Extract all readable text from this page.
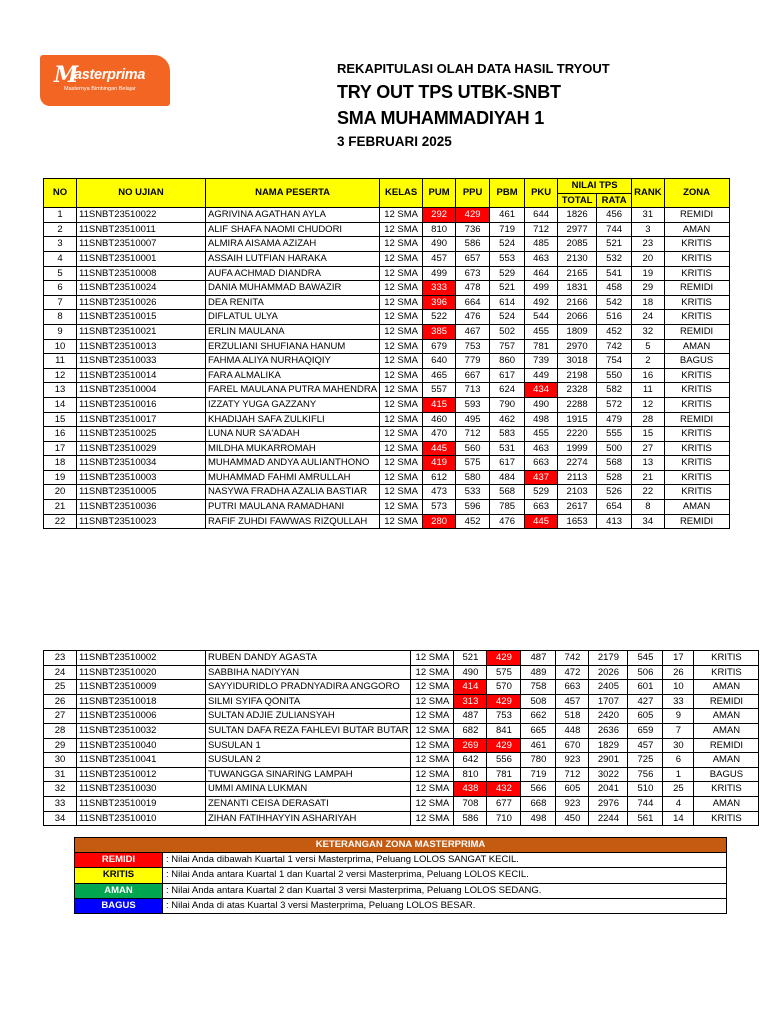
M
asterprima
Masternya Bimbingan Belajar
REKAPITULASI OLAH DATA HASIL TRYOUT
TRY OUT TPS UTBK-SNBT
SMA MUHAMMADIYAH 1
3 FEBRUARI 2025
NO	NO UJIAN	NAMA PESERTA	KELAS	PUM	PPU	PBM	PKU	NILAI TPS		RANK	ZONA
								TOTAL	RATA		
1	11SNBT23510022	AGRIVINA AGATHAN AYLA	12 SMA	292	429	461	644	1826	456	31	REMIDI
2	11SNBT23510011	ALIF SHAFA NAOMI CHUDORI	12 SMA	810	736	719	712	2977	744	3	AMAN
3	11SNBT23510007	ALMIRA AISAMA AZIZAH	12 SMA	490	586	524	485	2085	521	23	KRITIS
4	11SNBT23510001	ASSAIH LUTFIAN HARAKA	12 SMA	457	657	553	463	2130	532	20	KRITIS
5	11SNBT23510008	AUFA ACHMAD DIANDRA	12 SMA	499	673	529	464	2165	541	19	KRITIS
6	11SNBT23510024	DANIA MUHAMMAD BAWAZIR	12 SMA	333	478	521	499	1831	458	29	REMIDI
7	11SNBT23510026	DEA RENITA	12 SMA	396	664	614	492	2166	542	18	KRITIS
8	11SNBT23510015	DIFLATUL ULYA	12 SMA	522	476	524	544	2066	516	24	KRITIS
9	11SNBT23510021	ERLIN MAULANA	12 SMA	385	467	502	455	1809	452	32	REMIDI
10	11SNBT23510013	ERZULIANI SHUFIANA HANUM	12 SMA	679	753	757	781	2970	742	5	AMAN
11	11SNBT23510033	FAHMA ALIYA NURHAQIQIY	12 SMA	640	779	860	739	3018	754	2	BAGUS
12	11SNBT23510014	FARA ALMALIKA	12 SMA	465	667	617	449	2198	550	16	KRITIS
13	11SNBT23510004	FAREL MAULANA PUTRA MAHENDRA	12 SMA	557	713	624	434	2328	582	11	KRITIS
14	11SNBT23510016	IZZATY YUGA GAZZANY	12 SMA	415	593	790	490	2288	572	12	KRITIS
15	11SNBT23510017	KHADIJAH SAFA ZULKIFLI	12 SMA	460	495	462	498	1915	479	28	REMIDI
16	11SNBT23510025	LUNA NUR SA'ADAH	12 SMA	470	712	583	455	2220	555	15	KRITIS
17	11SNBT23510029	MILDHA MUKARROMAH	12 SMA	445	560	531	463	1999	500	27	KRITIS
18	11SNBT23510034	MUHAMMAD ANDYA AULIANTHONO	12 SMA	419	575	617	663	2274	568	13	KRITIS
19	11SNBT23510003	MUHAMMAD FAHMI AMRULLAH	12 SMA	612	580	484	437	2113	528	21	KRITIS
20	11SNBT23510005	NASYWA FRADHA AZALIA BASTIAR	12 SMA	473	533	568	529	2103	526	22	KRITIS
21	11SNBT23510036	PUTRI MAULANA RAMADHANI	12 SMA	573	596	785	663	2617	654	8	AMAN
22	11SNBT23510023	RAFIF ZUHDI FAWWAS RIZQULLAH	12 SMA	280	452	476	445	1653	413	34	REMIDI
23	11SNBT23510002	RUBEN DANDY AGASTA	12 SMA	521	429	487	742	2179	545	17	KRITIS
24	11SNBT23510020	SABBIHA NADIYYAN	12 SMA	490	575	489	472	2026	506	26	KRITIS
25	11SNBT23510009	SAYYIDURIDLO PRADNYADIRA ANGGORO	12 SMA	414	570	758	663	2405	601	10	AMAN
26	11SNBT23510018	SILMI SYIFA QONITA	12 SMA	313	429	508	457	1707	427	33	REMIDI
27	11SNBT23510006	SULTAN ADJIE ZULIANSYAH	12 SMA	487	753	662	518	2420	605	9	AMAN
28	11SNBT23510032	SULTAN DAFA REZA FAHLEVI BUTAR BUTAR	12 SMA	682	841	665	448	2636	659	7	AMAN
29	11SNBT23510040	SUSULAN 1	12 SMA	269	429	461	670	1829	457	30	REMIDI
30	11SNBT23510041	SUSULAN 2	12 SMA	642	556	780	923	2901	725	6	AMAN
31	11SNBT23510012	TUWANGGA SINARING LAMPAH	12 SMA	810	781	719	712	3022	756	1	BAGUS
32	11SNBT23510030	UMMI AMINA LUKMAN	12 SMA	438	432	566	605	2041	510	25	KRITIS
33	11SNBT23510019	ZENANTI CEISA DERASATI	12 SMA	708	677	668	923	2976	744	4	AMAN
34	11SNBT23510010	ZIHAN FATIHHAYYIN ASHARIYAH	12 SMA	586	710	498	450	2244	561	14	KRITIS
KETERANGAN ZONA MASTERPRIMA	
REMIDI	: Nilai Anda dibawah Kuartal 1 versi Masterprima, Peluang LOLOS SANGAT KECIL.
KRITIS	: Nilai Anda antara Kuartal 1 dan Kuartal 2 versi Masterprima, Peluang LOLOS KECIL.
AMAN	: Nilai Anda antara Kuartal 2 dan Kuartal 3 versi Masterprima, Peluang LOLOS SEDANG.
BAGUS	: Nilai Anda di atas Kuartal 3 versi Masterprima, Peluang LOLOS BESAR.
